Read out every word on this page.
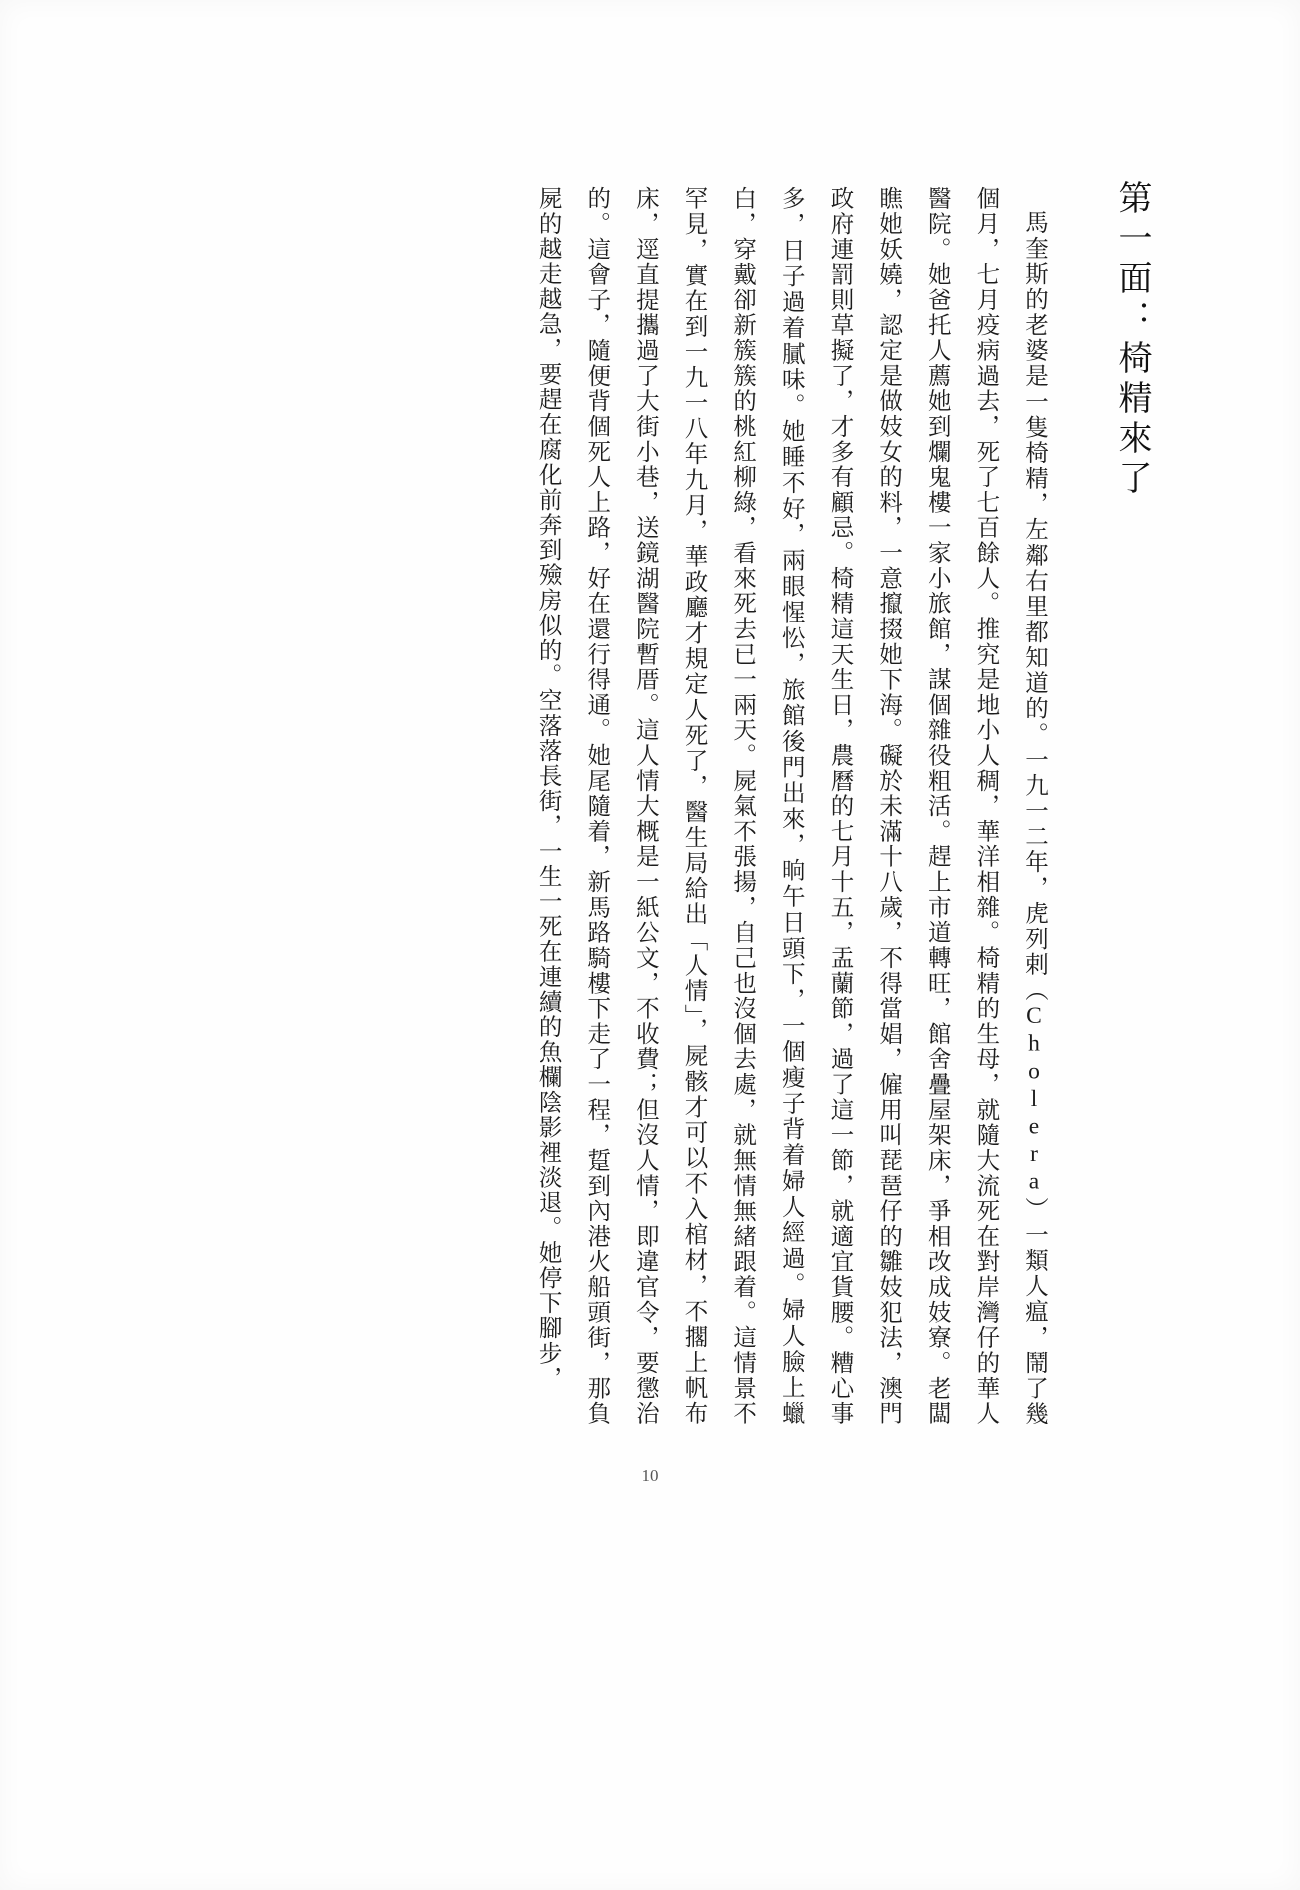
第一面：椅精來了

馬奎斯的老婆是一隻椅精，左鄰右里都知道的。一九一二年，虎列剌（Cholera）一類人瘟，鬧了幾個月，七月疫病過去，死了七百餘人。推究是地小人稠，華洋相雜。椅精的生母，就隨大流死在對岸灣仔的華人醫院。她爸托人薦她到爛鬼樓一家小旅館，謀個雜役粗活。趕上市道轉旺，館舍疊屋架床，爭相改成妓寮。老闆瞧她妖嬈，認定是做妓女的料，一意攛掇她下海。礙於未滿十八歲，不得當娼，僱用叫琵琶仔的雛妓犯法，澳門政府連罰則草擬了，才多有顧忌。椅精這天生日，農曆的七月十五，盂蘭節，過了這一節，就適宜貨腰。糟心事多，日子過着膩味。她睡不好，兩眼惺忪，旅館後門出來，晌午日頭下，一個瘦子背着婦人經過。婦人臉上蠟白，穿戴卻新簇簇的桃紅柳綠，看來死去已一兩天。屍氣不張揚，自己也沒個去處，就無情無緒跟着。這情景不罕見，實在到一九一八年九月，華政廳才規定人死了，醫生局給出「人情」，屍骸才可以不入棺材，不擱上帆布床，逕直提攜過了大街小巷，送鏡湖醫院暫厝。這人情大概是一紙公文，不收費；但沒人情，即違官令，要懲治的。這會子，隨便背個死人上路，好在還行得通。她尾隨着，新馬路騎樓下走了一程，踅到內港火船頭街，那負屍的越走越急，要趕在腐化前奔到殮房似的。空落落長街，一生一死在連續的魚欄陰影裡淡退。她停下腳步，

10
